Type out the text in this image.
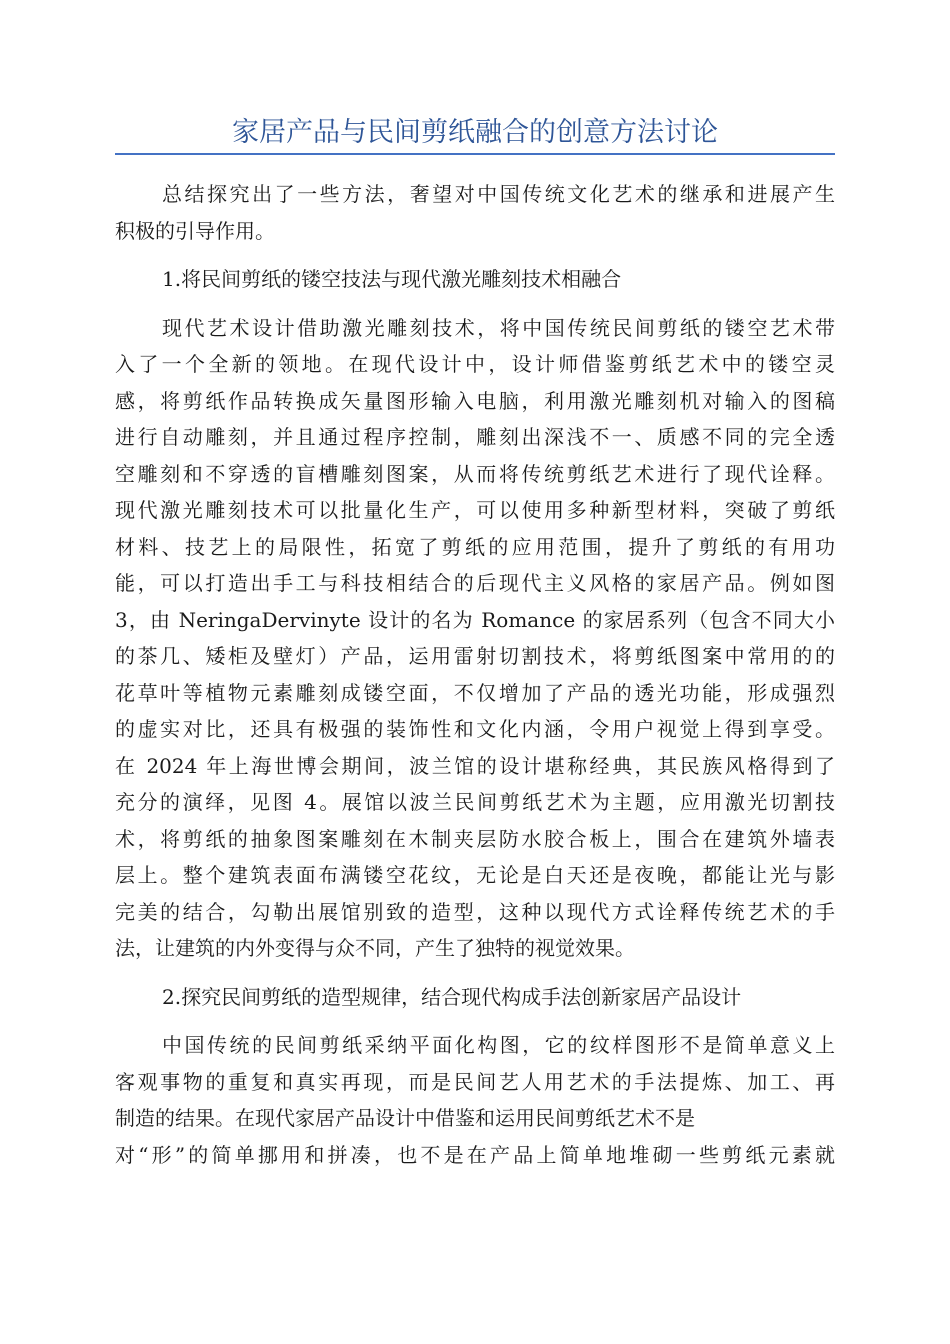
家居产品与民间剪纸融合的创意方法讨论
总结探究出了一些方法，奢望对中国传统文化艺术的继承和进展产生
积极的引导作用。
1.将民间剪纸的镂空技法与现代激光雕刻技术相融合
现代艺术设计借助激光雕刻技术，将中国传统民间剪纸的镂空艺术带
入了一个全新的领地。在现代设计中，设计师借鉴剪纸艺术中的镂空灵
感，将剪纸作品转换成矢量图形输入电脑，利用激光雕刻机对输入的图稿
进行自动雕刻，并且通过程序控制，雕刻出深浅不一、质感不同的完全透
空雕刻和不穿透的盲槽雕刻图案，从而将传统剪纸艺术进行了现代诠释。
现代激光雕刻技术可以批量化生产，可以使用多种新型材料，突破了剪纸
材料、技艺上的局限性，拓宽了剪纸的应用范围，提升了剪纸的有用功
能，可以打造出手工与科技相结合的后现代主义风格的家居产品。例如图
3，由 NeringaDervinyte 设计的名为 Romance 的家居系列（包含不同大小
的茶几、矮柜及壁灯）产品，运用雷射切割技术，将剪纸图案中常用的的
花草叶等植物元素雕刻成镂空面，不仅增加了产品的透光功能，形成强烈
的虚实对比，还具有极强的装饰性和文化内涵，令用户视觉上得到享受。
在 2024 年上海世博会期间，波兰馆的设计堪称经典，其民族风格得到了
充分的演绎，见图 4。展馆以波兰民间剪纸艺术为主题，应用激光切割技
术，将剪纸的抽象图案雕刻在木制夹层防水胶合板上，围合在建筑外墙表
层上。整个建筑表面布满镂空花纹，无论是白天还是夜晚，都能让光与影
完美的结合，勾勒出展馆别致的造型，这种以现代方式诠释传统艺术的手
法，让建筑的内外变得与众不同，产生了独特的视觉效果。
2.探究民间剪纸的造型规律，结合现代构成手法创新家居产品设计
中国传统的民间剪纸采纳平面化构图，它的纹样图形不是简单意义上
客观事物的重复和真实再现，而是民间艺人用艺术的手法提炼、加工、再
制造的结果。在现代家居产品设计中借鉴和运用民间剪纸艺术不是
对“形”的简单挪用和拼凑，也不是在产品上简单地堆砌一些剪纸元素就
